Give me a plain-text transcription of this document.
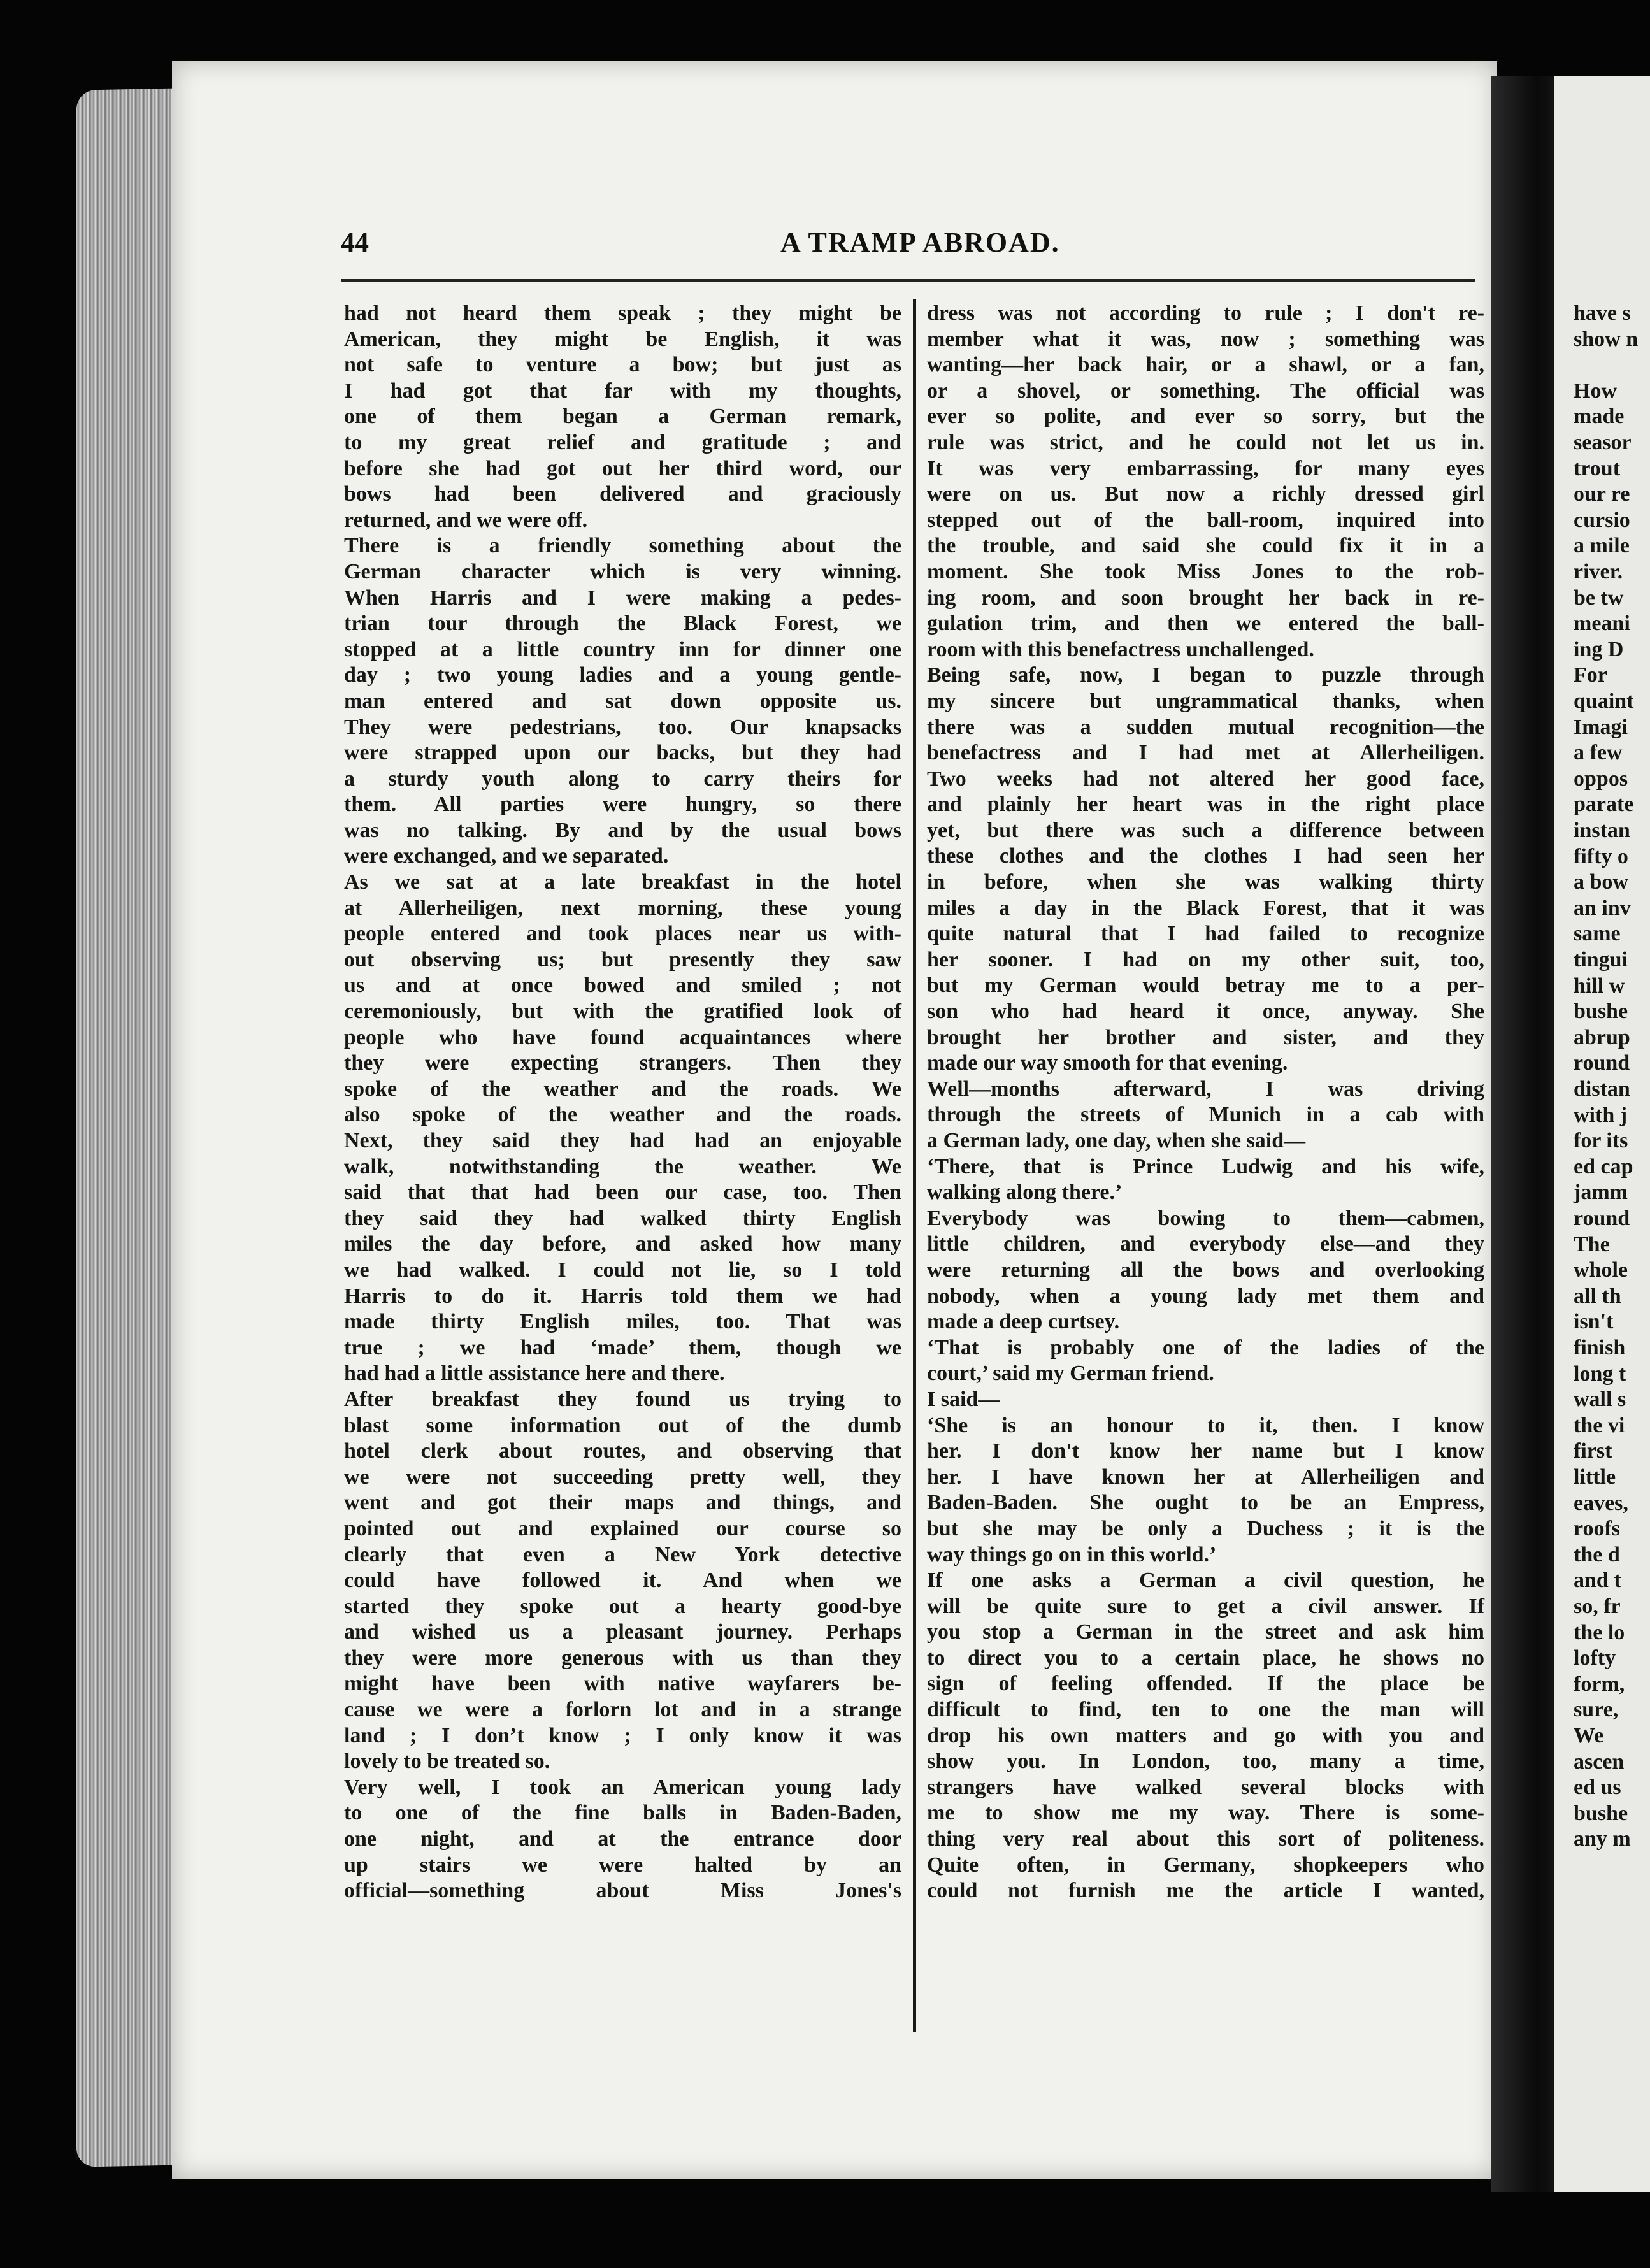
have s
show n
How
made
seasor
trout
our re
cursio
a mile
river.
be tw
meani
ing D
For
quaint
Imagi
a few
oppos
parate
instan
fifty o
a bow
an inv
same
tingui
hill w
bushe
abrup
round
distan
with j
for its
ed cap
jamm
round
The
whole
all th
isn't
finish
long t
wall s
the vi
first
little
eaves,
roofs
the d
and t
so, fr
the lo
lofty
form,
sure,
We
ascen
ed us
bushe
any m
44	A TRAMP ABROAD.
had not heard them speak ; they might be
American, they might be English, it was
not safe to venture a bow; but just as
I had got that far with my thoughts,
one of them began a German remark,
to my great relief and gratitude ; and
before she had got out her third word, our
bows had been delivered and graciously
returned, and we were off.
There is a friendly something about the
German character which is very winning.
When Harris and I were making a pedes-
trian tour through the Black Forest, we
stopped at a little country inn for dinner one
day ; two young ladies and a young gentle-
man entered and sat down opposite us.
They were pedestrians, too. Our knapsacks
were strapped upon our backs, but they had
a sturdy youth along to carry theirs for
them. All parties were hungry, so there
was no talking. By and by the usual bows
were exchanged, and we separated.
As we sat at a late breakfast in the hotel
at Allerheiligen, next morning, these young
people entered and took places near us with-
out observing us; but presently they saw
us and at once bowed and smiled ; not
ceremoniously, but with the gratified look of
people who have found acquaintances where
they were expecting strangers. Then they
spoke of the weather and the roads. We
also spoke of the weather and the roads.
Next, they said they had had an enjoyable
walk, notwithstanding the weather. We
said that that had been our case, too. Then
they said they had walked thirty English
miles the day before, and asked how many
we had walked. I could not lie, so I told
Harris to do it. Harris told them we had
made thirty English miles, too. That was
true ; we had ‘made’ them, though we
had had a little assistance here and there.
After breakfast they found us trying to
blast some information out of the dumb
hotel clerk about routes, and observing that
we were not succeeding pretty well, they
went and got their maps and things, and
pointed out and explained our course so
clearly that even a New York detective
could have followed it. And when we
started they spoke out a hearty good-bye
and wished us a pleasant journey. Perhaps
they were more generous with us than they
might have been with native wayfarers be-
cause we were a forlorn lot and in a strange
land ; I don’t know ; I only know it was
lovely to be treated so.
Very well, I took an American young lady
to one of the fine balls in Baden-Baden,
one night, and at the entrance door
up stairs we were halted by an
official—something about Miss Jones's
dress was not according to rule ; I don't re-
member what it was, now ; something was
wanting—her back hair, or a shawl, or a fan,
or a shovel, or something. The official was
ever so polite, and ever so sorry, but the
rule was strict, and he could not let us in.
It was very embarrassing, for many eyes
were on us. But now a richly dressed girl
stepped out of the ball-room, inquired into
the trouble, and said she could fix it in a
moment. She took Miss Jones to the rob-
ing room, and soon brought her back in re-
gulation trim, and then we entered the ball-
room with this benefactress unchallenged.
Being safe, now, I began to puzzle through
my sincere but ungrammatical thanks, when
there was a sudden mutual recognition—the
benefactress and I had met at Allerheiligen.
Two weeks had not altered her good face,
and plainly her heart was in the right place
yet, but there was such a difference between
these clothes and the clothes I had seen her
in before, when she was walking thirty
miles a day in the Black Forest, that it was
quite natural that I had failed to recognize
her sooner. I had on my other suit, too,
but my German would betray me to a per-
son who had heard it once, anyway. She
brought her brother and sister, and they
made our way smooth for that evening.
Well—months afterward, I was driving
through the streets of Munich in a cab with
a German lady, one day, when she said—
‘There, that is Prince Ludwig and his wife,
walking along there.’
Everybody was bowing to them—cabmen,
little children, and everybody else—and they
were returning all the bows and overlooking
nobody, when a young lady met them and
made a deep curtsey.
‘That is probably one of the ladies of the
court,’ said my German friend.
I said—
‘She is an honour to it, then. I know
her. I don't know her name but I know
her. I have known her at Allerheiligen and
Baden-Baden. She ought to be an Empress,
but she may be only a Duchess ; it is the
way things go on in this world.’
If one asks a German a civil question, he
will be quite sure to get a civil answer. If
you stop a German in the street and ask him
to direct you to a certain place, he shows no
sign of feeling offended. If the place be
difficult to find, ten to one the man will
drop his own matters and go with you and
show you. In London, too, many a time,
strangers have walked several blocks with
me to show me my way. There is some-
thing very real about this sort of politeness.
Quite often, in Germany, shopkeepers who
could not furnish me the article I wanted,
